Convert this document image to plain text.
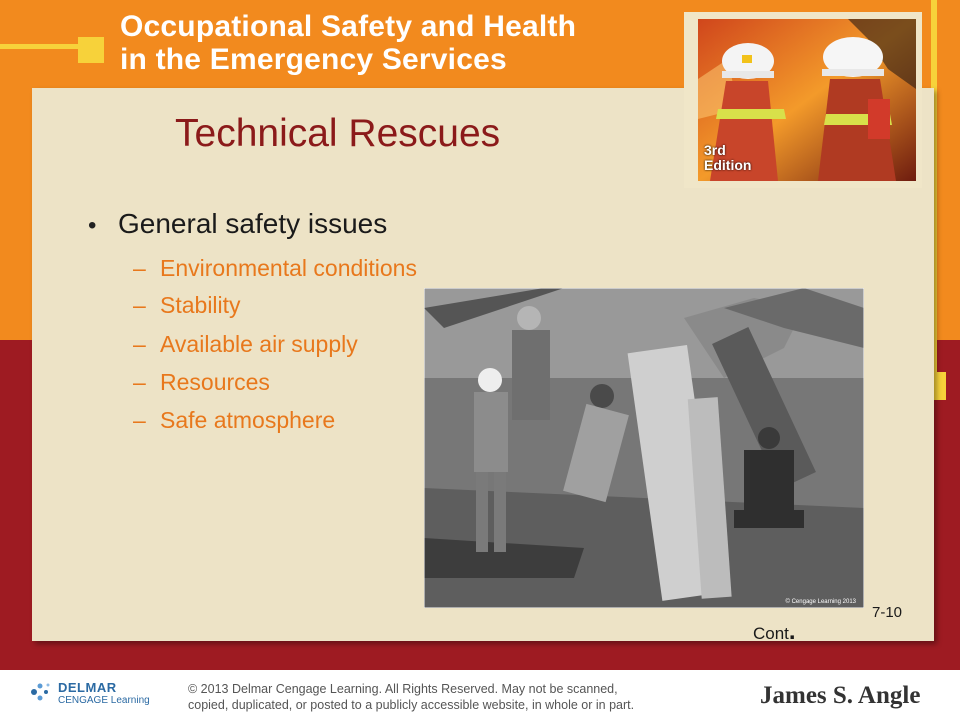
Occupational Safety and Health
in the Emergency Services
3rd
Edition
Technical Rescues
• General safety issues
– Environmental conditions
– Stability
– Available air supply
– Resources
– Safe atmosphere
© Cengage Learning 2013
7-10
Cont.
DELMAR
CENGAGE Learning
© 2013 Delmar Cengage Learning. All Rights Reserved. May not be scanned,
copied, duplicated, or posted to a publicly accessible website, in whole or in part.	James S. Angle
